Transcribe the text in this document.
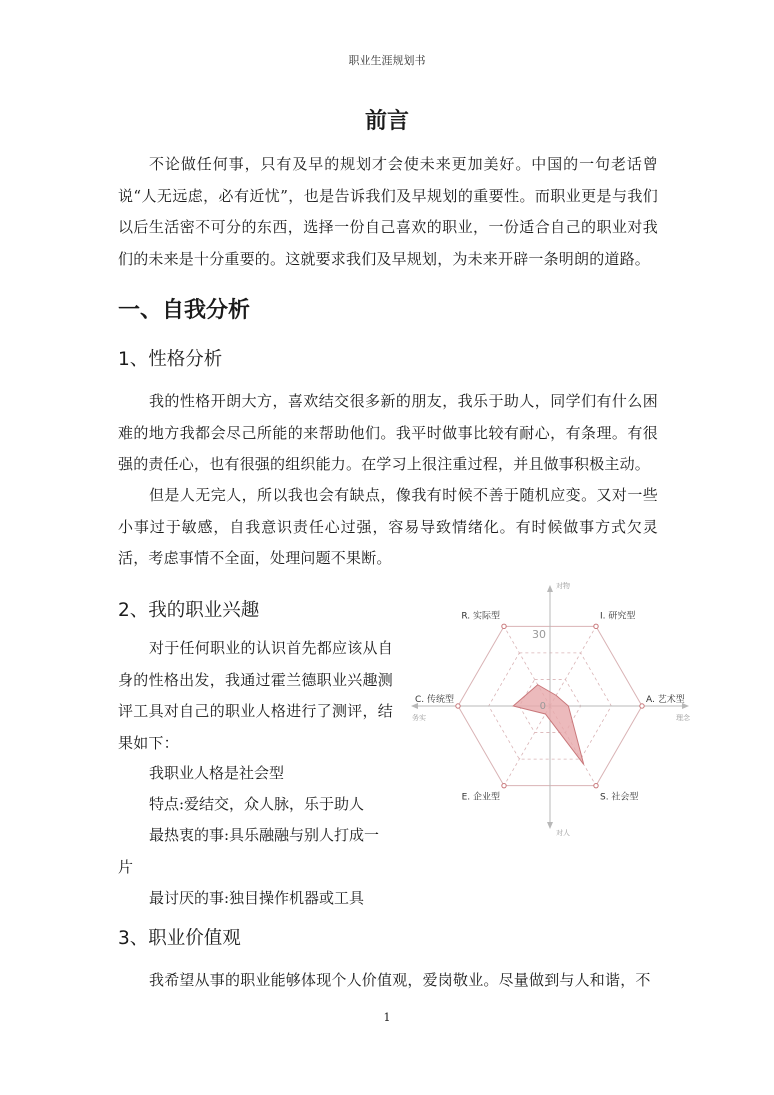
职业生涯规划书
前言
不论做任何事，只有及早的规划才会使未来更加美好。中国的一句老话曾说“人无远虑，必有近忧”，也是告诉我们及早规划的重要性。而职业更是与我们以后生活密不可分的东西，选择一份自己喜欢的职业，一份适合自己的职业对我们的未来是十分重要的。这就要求我们及早规划，为未来开辟一条明朗的道路。
一、自我分析
1、性格分析
我的性格开朗大方，喜欢结交很多新的朋友，我乐于助人，同学们有什么困难的地方我都会尽己所能的来帮助他们。我平时做事比较有耐心，有条理。有很强的责任心，也有很强的组织能力。在学习上很注重过程，并且做事积极主动。
但是人无完人，所以我也会有缺点，像我有时候不善于随机应变。又对一些小事过于敏感，自我意识责任心过强，容易导致情绪化。有时候做事方式欠灵活，考虑事情不全面，处理问题不果断。
2、我的职业兴趣
对于任何职业的认识首先都应该从自身的性格出发，我通过霍兰德职业兴趣测评工具对自己的职业人格进行了测评，结果如下：
我职业人格是社会型
特点:爱结交，众人脉，乐于助人
最热衷的事:具乐融融与别人打成一片
最讨厌的事:独目操作机器或工具
R. 实际型	I. 研究型
A. 艺术型
S. 社会型
E. 企业型
C. 传统型
30
0
对物
对人
务实	理念
3、职业价值观
我希望从事的职业能够体现个人价值观，爱岗敬业。尽量做到与人和谐，不
1
